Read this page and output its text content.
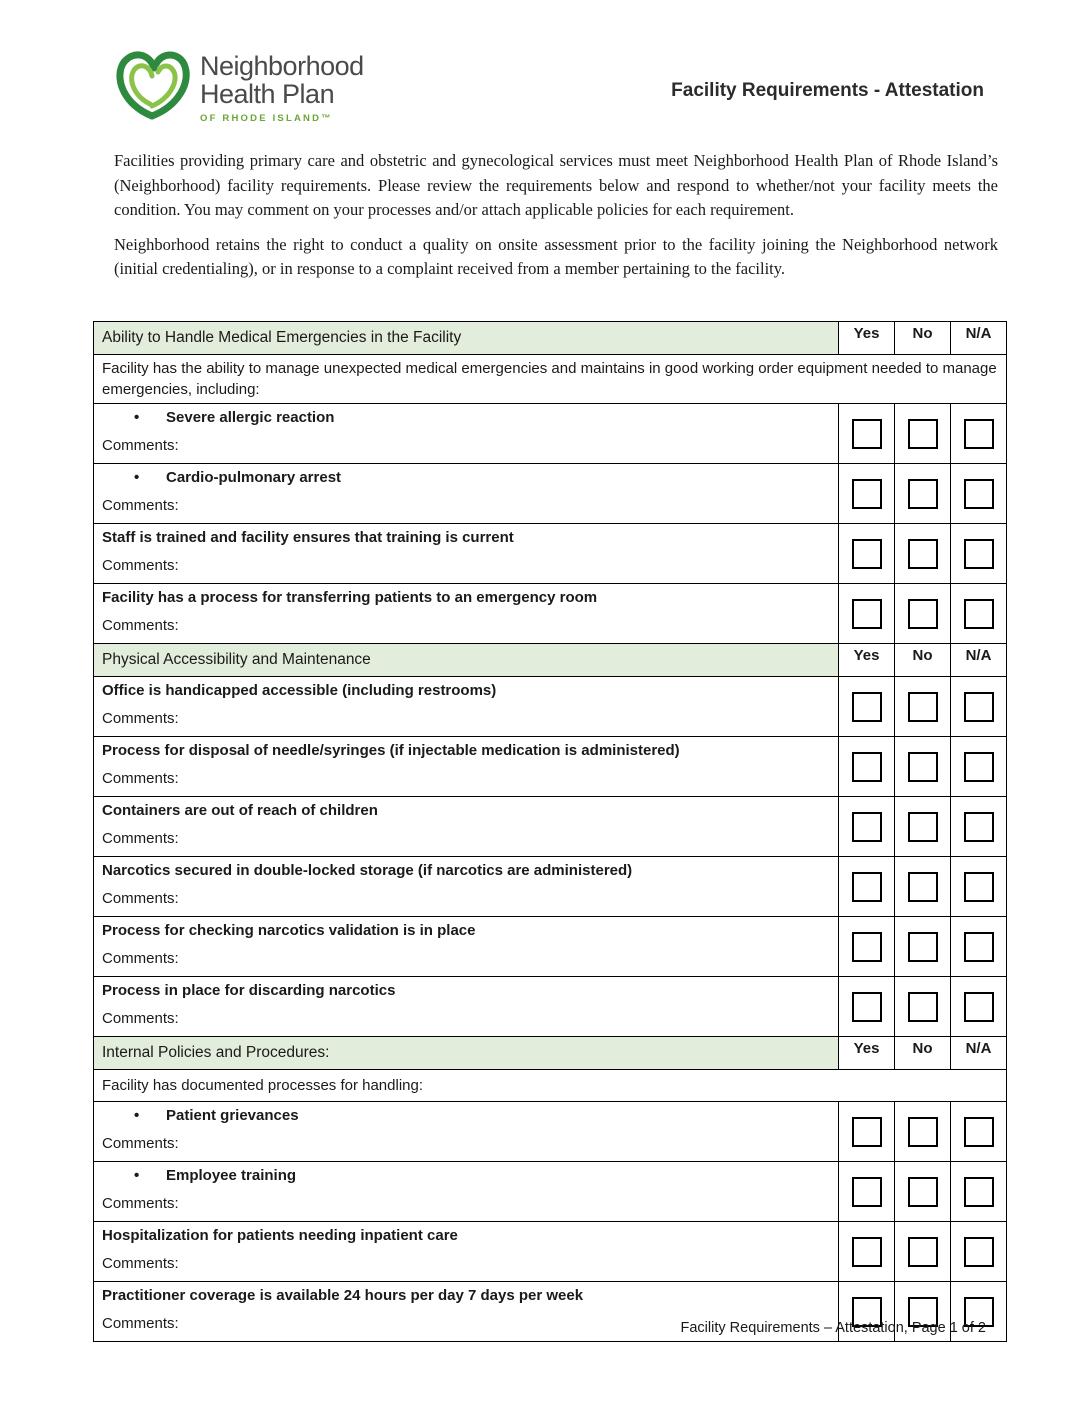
Neighborhood
Health Plan
OF RHODE ISLAND™
Facility Requirements - Attestation

Facilities providing primary care and obstetric and gynecological services must meet Neighborhood Health Plan of Rhode Island’s (Neighborhood) facility requirements. Please review the requirements below and respond to whether/not your facility meets the condition. You may comment on your processes and/or attach applicable policies for each requirement.

Neighborhood retains the right to conduct a quality on onsite assessment prior to the facility joining the Neighborhood network (initial credentialing), or in response to a complaint received from a member pertaining to the facility.

Ability to Handle Medical Emergencies in the Facility	Yes	No	N/A
Facility has the ability to manage unexpected medical emergencies and maintains in good working order equipment needed to manage emergencies, including:			

• Severe allergic reaction
Comments:			

• Cardio-pulmonary arrest
Comments:			

Staff is trained and facility ensures that training is current
Comments:			

Facility has a process for transferring patients to an emergency room
Comments:			

Physical Accessibility and Maintenance	Yes	No	N/A

Office is handicapped accessible (including restrooms)
Comments:			

Process for disposal of needle/syringes (if injectable medication is administered)
Comments:			

Containers are out of reach of children
Comments:			

Narcotics secured in double-locked storage (if narcotics are administered)
Comments:			

Process for checking narcotics validation is in place
Comments:			

Process in place for discarding narcotics
Comments:			

Internal Policies and Procedures:	Yes	No	N/A
Facility has documented processes for handling:			

• Patient grievances
Comments:			

• Employee training
Comments:			

Hospitalization for patients needing inpatient care
Comments:			

Practitioner coverage is available 24 hours per day 7 days per week
Comments:			
				Facility Requirements – Attestation, Page 1 of 2
